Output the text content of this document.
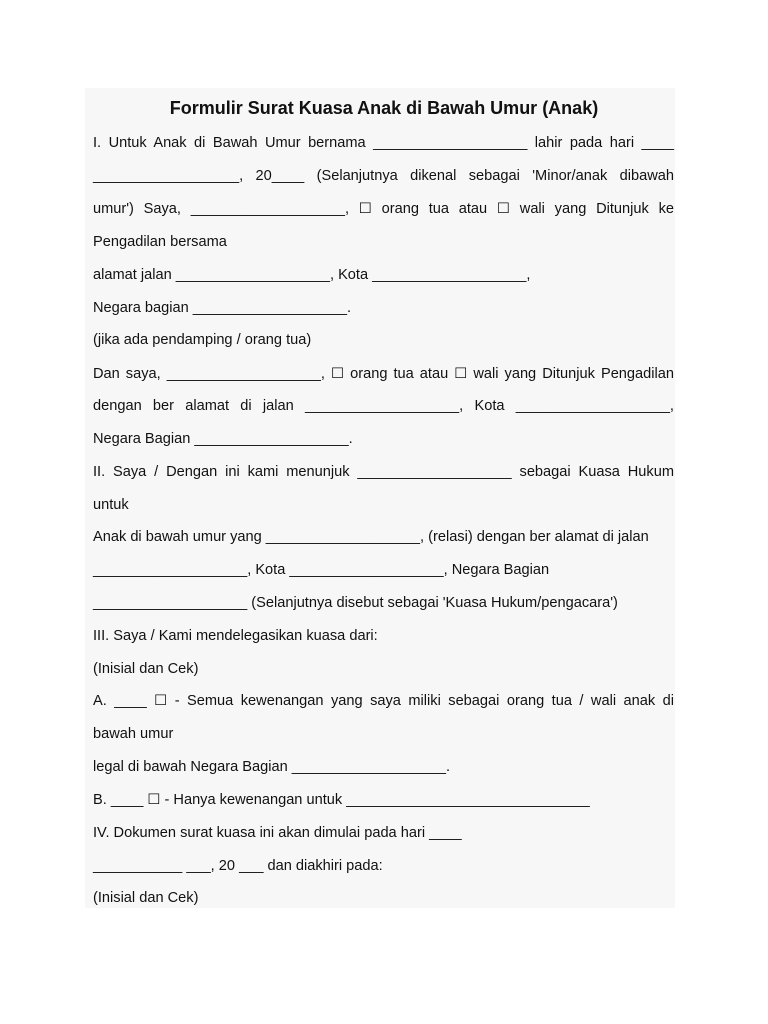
Formulir Surat Kuasa Anak di Bawah Umur (Anak)
I. Untuk Anak di Bawah Umur bernama ___________________ lahir pada hari ____
__________________, 20____ (Selanjutnya dikenal sebagai 'Minor/anak dibawah
umur') Saya, ___________________, ☐ orang tua atau ☐ wali yang Ditunjuk ke
Pengadilan bersama
alamat jalan ___________________, Kota ___________________,
Negara bagian ___________________.
(jika ada pendamping / orang tua)
Dan saya, ___________________, ☐ orang tua atau ☐ wali yang Ditunjuk Pengadilan
dengan ber alamat di jalan ___________________, Kota ___________________,
Negara Bagian ___________________.
II. Saya / Dengan ini kami menunjuk ___________________ sebagai Kuasa Hukum
untuk
Anak di bawah umur yang ___________________, (relasi) dengan ber alamat di jalan
___________________, Kota ___________________, Negara Bagian
___________________ (Selanjutnya disebut sebagai 'Kuasa Hukum/pengacara')
III. Saya / Kami mendelegasikan kuasa dari:
(Inisial dan Cek)
A. ____ ☐ - Semua kewenangan yang saya miliki sebagai orang tua / wali anak di
bawah umur
legal di bawah Negara Bagian ___________________.
B. ____ ☐ - Hanya kewenangan untuk ______________________________
IV. Dokumen surat kuasa ini akan dimulai pada hari ____
___________ ___, 20 ___ dan diakhiri pada:
(Inisial dan Cek)
